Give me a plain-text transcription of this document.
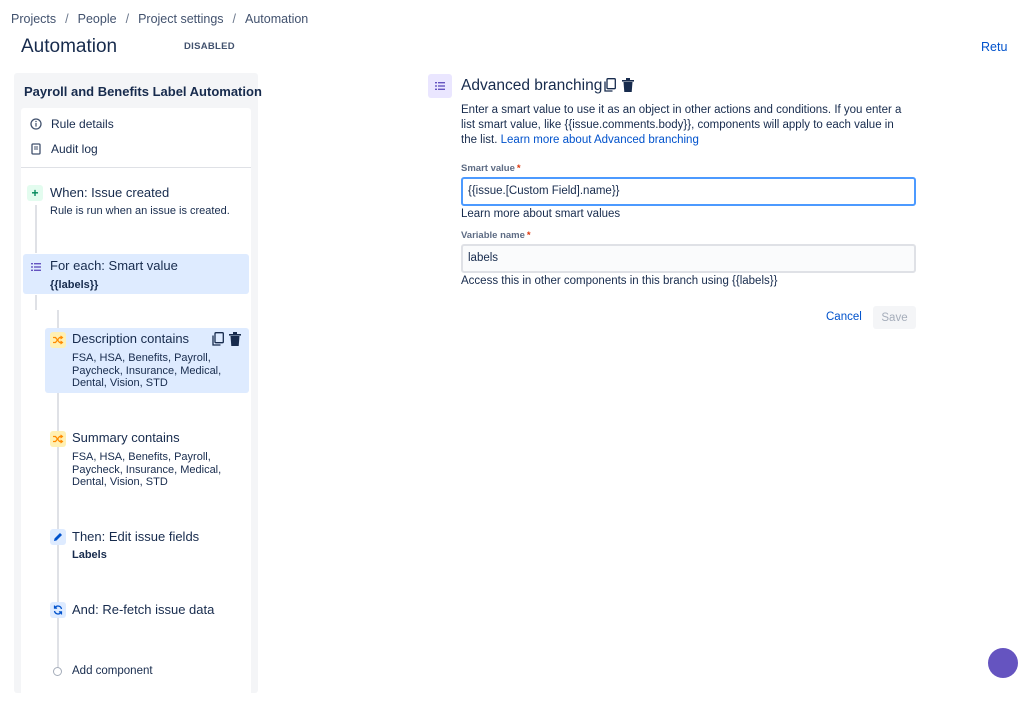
Projects / People / Project settings / Automation
Automation	DISABLED	Retu
Payroll and Benefits Label Automation
Rule details
Audit log
+ When: Issue created
Rule is run when an issue is created.
For each: Smart value
{{labels}}
Description contains
FSA, HSA, Benefits, Payroll,
Paycheck, Insurance, Medical,
Dental, Vision, STD
Summary contains
FSA, HSA, Benefits, Payroll,
Paycheck, Insurance, Medical,
Dental, Vision, STD
Then: Edit issue fields
Labels
And: Re-fetch issue data
Add component
Advanced branching
Enter a smart value to use it as an object in other actions and conditions. If you enter a list smart value, like {{issue.comments.body}}, components will apply to each value in the list. Learn more about Advanced branching
Smart value *
{{issue.[Custom Field].name}}
Learn more about smart values
Variable name *
labels
Access this in other components in this branch using {{labels}}
Cancel	Save
